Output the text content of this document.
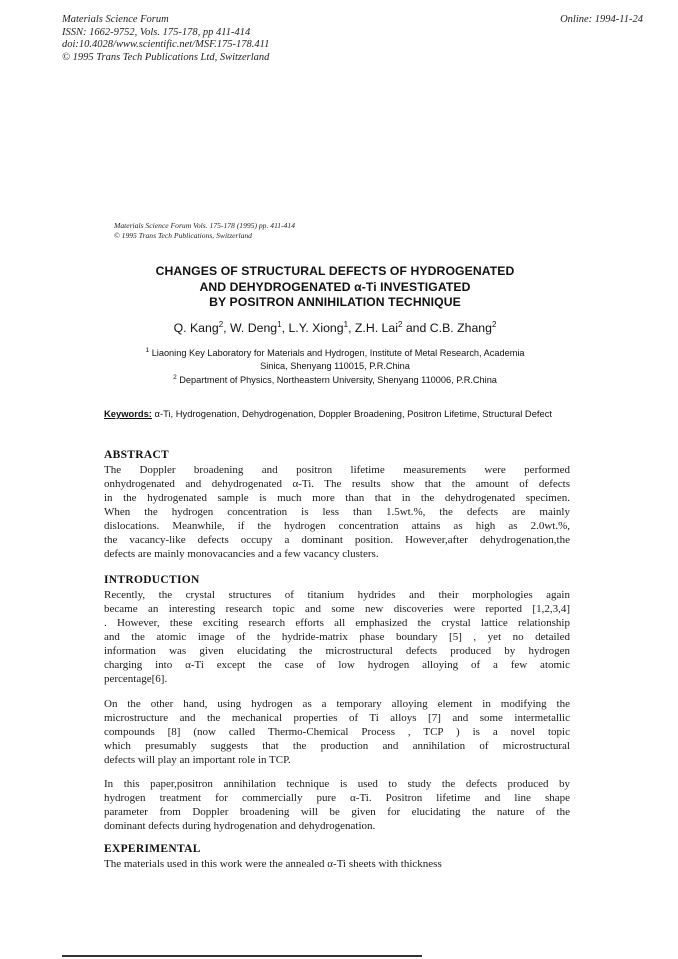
Materials Science Forum
ISSN: 1662-9752, Vols. 175-178, pp 411-414
doi:10.4028/www.scientific.net/MSF.175-178.411
© 1995 Trans Tech Publications Ltd, Switzerland
Online: 1994-11-24
Materials Science Forum Vols. 175-178 (1995) pp. 411-414
© 1995 Trans Tech Publications, Switzerland
CHANGES OF STRUCTURAL DEFECTS OF HYDROGENATED
AND DEHYDROGENATED α-Ti INVESTIGATED
BY POSITRON ANNIHILATION TECHNIQUE
Q. Kang$^2$, W. Deng$^1$, L.Y. Xiong$^1$, Z.H. Lai$^2$ and C.B. Zhang$^2$
$^1$ Liaoning Key Laboratory for Materials and Hydrogen, Institute of Metal Research, Academia
Sinica, Shenyang 110015, P.R.China
$^2$ Department of Physics, Northeastern University, Shenyang 110006, P.R.China
Keywords: α-Ti, Hydrogenation, Dehydrogenation, Doppler Broadening, Positron Lifetime, Structural Defect
ABSTRACT
The Doppler broadening and positron lifetime measurements were performed
onhydrogenated and dehydrogenated α-Ti. The results show that the amount of defects
in the hydrogenated sample is much more than that in the dehydrogenated specimen.
When the hydrogen concentration is less than 1.5wt.%, the defects are mainly
dislocations. Meanwhile, if the hydrogen concentration attains as high as 2.0wt.%,
the vacancy-like defects occupy a dominant position. However,after dehydrogenation,the
defects are mainly monovacancies and a few vacancy clusters.
INTRODUCTION
Recently, the crystal structures of titanium hydrides and their morphologies again
became an interesting research topic and some new discoveries were reported [1,2,3,4]
. However, these exciting research efforts all emphasized the crystal lattice relationship
and the atomic image of the hydride-matrix phase boundary [5] , yet no detailed
information was given elucidating the microstructural defects produced by hydrogen
charging into α-Ti except the case of low hydrogen alloying of a few atomic
percentage[6].
On the other hand, using hydrogen as a temporary alloying element in modifying the
microstructure and the mechanical properties of Ti alloys [7] and some intermetallic
compounds [8] (now called Thermo-Chemical Process , TCP ) is a novel topic
which presumably suggests that the production and annihilation of microstructural
defects will play an important role in TCP.
In this paper,positron annihilation technique is used to study the defects produced by
hydrogen treatment for commercially pure α-Ti. Positron lifetime and line shape
parameter from Doppler broadening will be given for elucidating the nature of the
dominant defects during hydrogenation and dehydrogenation.
EXPERIMENTAL
The materials used in this work were the annealed α-Ti sheets with thickness
